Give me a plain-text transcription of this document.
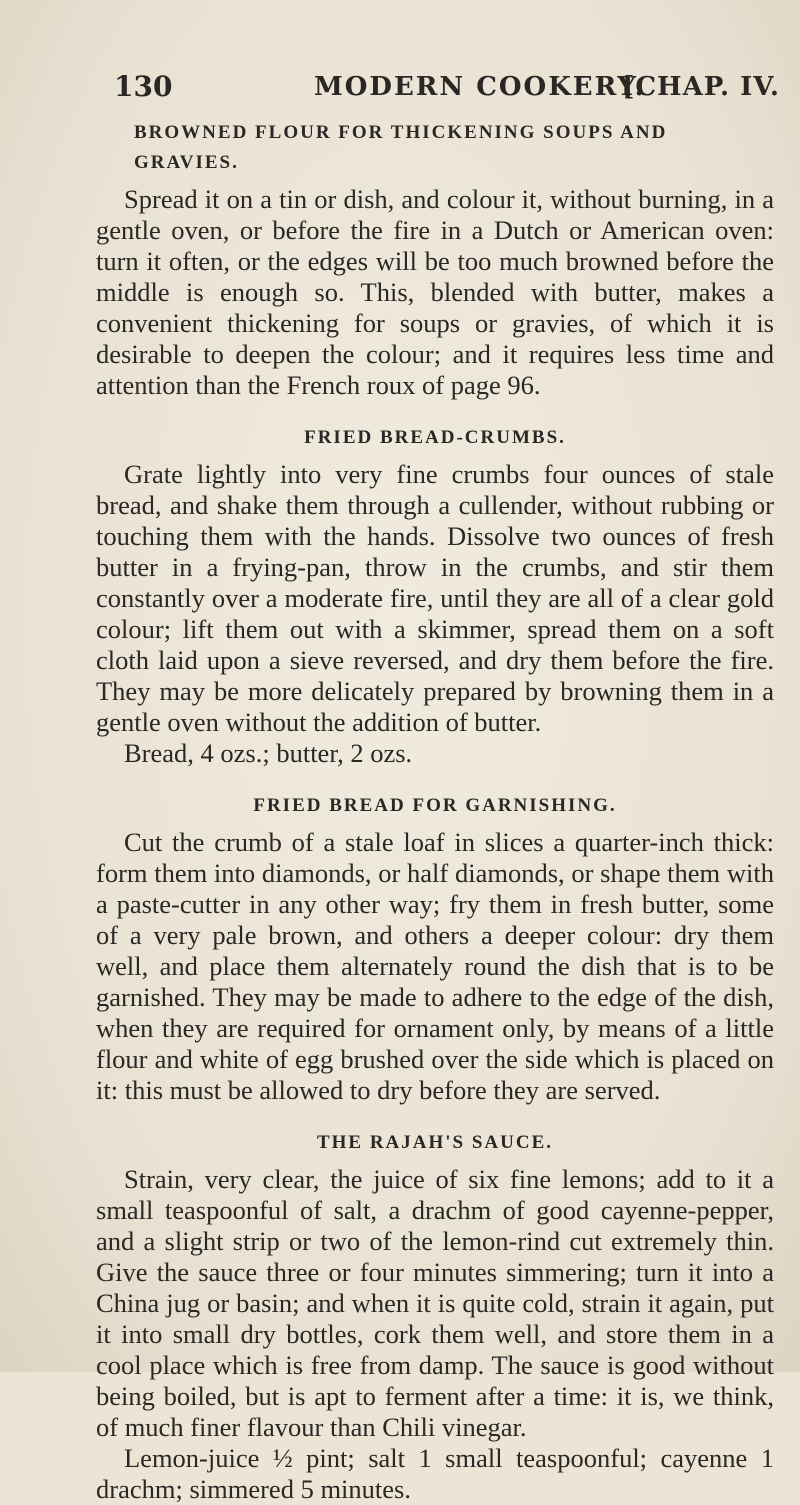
130	MODERN COOKERY.
[CHAP. IV.
BROWNED FLOUR FOR THICKENING SOUPS AND GRAVIES.

Spread it on a tin or dish, and colour it, without burning, in a gentle oven, or before the fire in a Dutch or American oven: turn it often, or the edges will be too much browned before the middle is enough so. This, blended with butter, makes a convenient thickening for soups or gravies, of which it is desirable to deepen the colour; and it requires less time and attention than the French roux of page 96.

FRIED BREAD-CRUMBS.

Grate lightly into very fine crumbs four ounces of stale bread, and shake them through a cullender, without rubbing or touching them with the hands. Dissolve two ounces of fresh butter in a frying-pan, throw in the crumbs, and stir them constantly over a moderate fire, until they are all of a clear gold colour; lift them out with a skimmer, spread them on a soft cloth laid upon a sieve reversed, and dry them before the fire. They may be more delicately prepared by browning them in a gentle oven without the addition of butter.

Bread, 4 ozs.; butter, 2 ozs.

FRIED BREAD FOR GARNISHING.

Cut the crumb of a stale loaf in slices a quarter-inch thick: form them into diamonds, or half diamonds, or shape them with a paste-cutter in any other way; fry them in fresh butter, some of a very pale brown, and others a deeper colour: dry them well, and place them alternately round the dish that is to be garnished. They may be made to adhere to the edge of the dish, when they are required for ornament only, by means of a little flour and white of egg brushed over the side which is placed on it: this must be allowed to dry before they are served.

THE RAJAH'S SAUCE.

Strain, very clear, the juice of six fine lemons; add to it a small teaspoonful of salt, a drachm of good cayenne-pepper, and a slight strip or two of the lemon-rind cut extremely thin. Give the sauce three or four minutes simmering; turn it into a China jug or basin; and when it is quite cold, strain it again, put it into small dry bottles, cork them well, and store them in a cool place which is free from damp. The sauce is good without being boiled, but is apt to ferment after a time: it is, we think, of much finer flavour than Chili vinegar.

Lemon-juice ½ pint; salt 1 small teaspoonful; cayenne 1 drachm; simmered 5 minutes.
